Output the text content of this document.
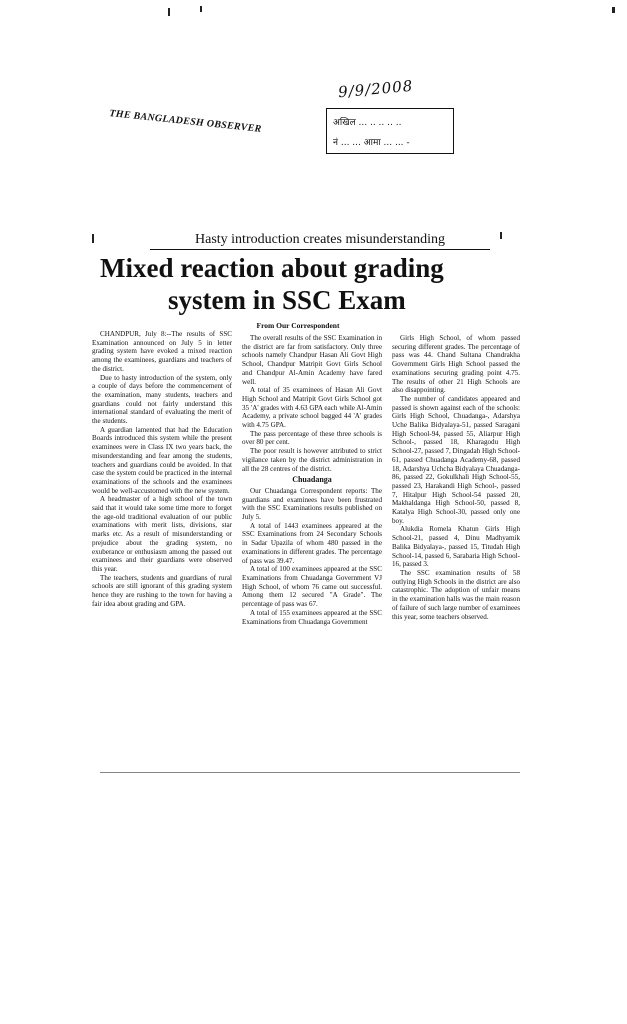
THE BANGLADESH OBSERVER
9/9/2008
अखिल ... .. .. .. ..
नं ... ... आमा ... ... -
Hasty introduction creates misunderstanding
Mixed reaction about grading
system in SSC Exam
From Our Correspondent

CHANDPUR, July 8:--The results of SSC Examination announced on July 5 in letter grading system have evoked a mixed reaction among the examinees, guardians and teachers of the district.

Due to hasty introduction of the system, only a couple of days before the commencement of the examination, many students, teachers and guardians could not fairly understand this international standard of evaluating the merit of the students.

A guardian lamented that had the Education Boards introduced this system while the present examinees were in Class IX two years back, the misunderstanding and fear among the students, teachers and guardians could be avoided. In that case the system could be practiced in the internal examinations of the schools and the examinees would be well-accustomed with the new system.

A headmaster of a high school of the town said that it would take some time more to forget the age-old traditional evaluation of our public examinations with merit lists, divisions, star marks etc. As a result of misunderstanding or prejudice about the grading system, no exuberance or enthusiasm among the passed out examinees and their guardians were observed this year.

The teachers, students and guardians of rural schools are still ignorant of this grading system hence they are rushing to the town for having a fair idea about grading and GPA.

The overall results of the SSC Examination in the district are far from satisfactory. Only three schools namely Chandpur Hasan Ali Govt High School, Chandpur Matripit Govt Girls School and Chandpur Al-Amin Academy have fared well.

A total of 35 examinees of Hasan Ali Govt High School and Matripit Govt Girls School got 35 'A' grades with 4.63 GPA each while Al-Amin Academy, a private school bagged 44 'A' grades with 4.75 GPA.

The pass percentage of these three schools is over 80 per cent.

The poor result is however attributed to strict vigilance taken by the district administration in all the 28 centres of the district.

Chuadanga

Our Chuadanga Correspondent reports: The guardians and examinees have been frustrated with the SSC Examinations results published on July 5.

A total of 1443 examinees appeared at the SSC Examinations from 24 Secondary Schools in Sadar Upazila of whom 480 passed in the examinations in different grades. The percentage of pass was 39.47.

A total of 100 examinees appeared at the SSC Examinations from Chuadanga Government VJ High School, of whom 76 came out successful. Among them 12 secured "A Grade". The percentage of pass was 67.

A total of 155 examinees appeared at the SSC Examinations from Chuadanga Government

Girls High School, of whom passed securing different grades. The percentage of pass was 44. Chand Sultana Chandrakha Government Girls High School passed the examinations securing grading point 4.75. The results of other 21 High Schools are also disappointing.

The number of candidates appeared and passed is shown against each of the schools: Girls High School, Chuadanga-, Adarshya Uche Balika Bidyalaya-51, passed Saragani High School-94, passed 55, Aliarpur High School-, passed 18, Kharagodu High School-27, passed 7, Dingadah High School-61, passed Chuadanga Academy-68, passed 18, Adarshya Uchcha Bidyalaya Chuadanga-86, passed 22, Gokulkhali High School-55, passed 23, Harakandi High School-, passed 7, Hitalpur High School-54 passed 20, Makhaldanga High School-50, passed 8, Katalya High School-30, passed only one boy.

Alukdia Romela Khatun Girls High School-21, passed 4, Dinu Madhyamik Balika Bidyalaya-, passed 15, Titudah High School-14, passed 6, Sarabaria High School-16, passed 3.

The SSC examination results of 58 outlying High Schools in the district are also catastrophic. The adoption of unfair means in the examination halls was the main reason of failure of such large number of examinees this year, some teachers observed.
